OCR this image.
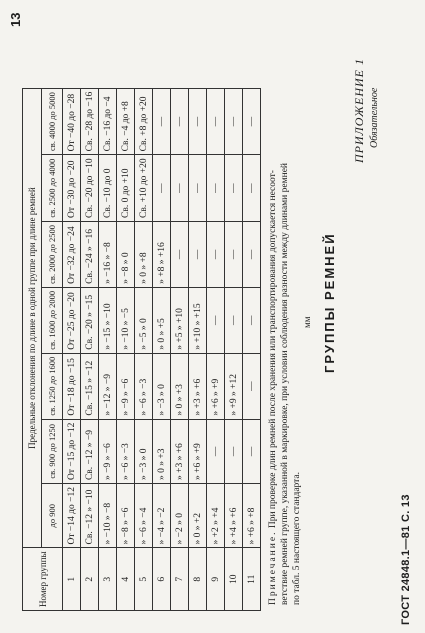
ГОСТ 24848.1—81 С. 13
13
ПРИЛОЖЕНИЕ 1 Обязательное
ГРУППЫ РЕМНЕЙ
мм
Номер группы	Предельные отклонения по длине в одной группе при длине ремней						
	до 900	св. 900 до 1250	св. 1250 до 1600	св. 1600 до 2000	св. 2000 до 2500	св. 2500 до 4000	св. 4000 до 5000
1	От −14 до −12	От −15 до −12	От −18 до −15	От −25 до −20	От −32 до −24	От −30 до −20	От −40 до −28
2	Св. −12 » −10	Св. −12 » −9	Св. −15 » −12	Св. −20 » −15	Св. −24 » −16	Св. −20 до −10	Св. −28 до −16
3	» −10 » −8	» −9 » −6	» −12 » −9	» −15 » −10	» −16 » −8	Св. −10 до 0	Св. −16 до −4
4	» −8 » −6	» −6 » −3	» −9 » −6	» −10 » −5	» −8 » 0	Св. 0 до +10	Св. −4 до +8
5	» −6 » −4	» −3 » 0	» −6 » −3	» −5 » 0	» 0 » +8	Св. +10 до +20	Св. +8 до +20
6	» −4 » −2	» 0 » +3	» −3 » 0	» 0 » +5	» +8 » +16	—	—
7	» −2 » 0	» +3 » +6	» 0 » +3	» +5 » +10	—	—	—
8	» 0 » +2	» +6 » +9	» +3 » +6	» +10 » +15	—	—	—
9	» +2 » +4	—	» +6 » +9	—	—	—	—
10	» +4 » +6	—	» +9 » +12	—	—	—	—
11	» +6 » +8	—	—	—	—	—	—
Примечание. При проверке длин ремней после хранения или транспортирования допускается несоот- ветствие ремней группе, указанной в маркировке, при условии соблюдения разности между длинами ремней по табл. 5 настоящего стандарта.
